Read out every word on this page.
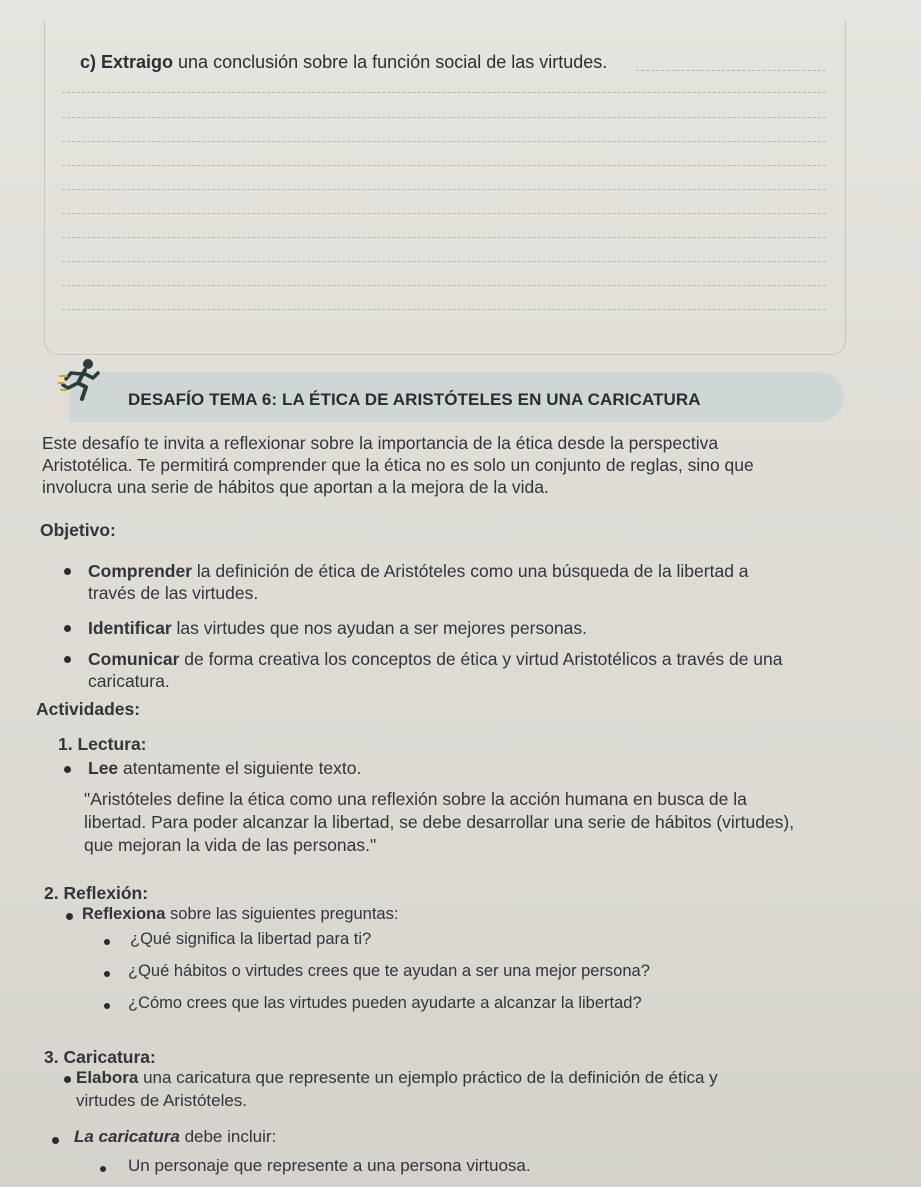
c) Extraigo una conclusión sobre la función social de las virtudes.
DESAFÍO TEMA 6: LA ÉTICA DE ARISTÓTELES EN UNA CARICATURA
Este desafío te invita a reflexionar sobre la importancia de la ética desde la perspectiva
Aristotélica. Te permitirá comprender que la ética no es solo un conjunto de reglas, sino que
involucra una serie de hábitos que aportan a la mejora de la vida.
Objetivo:
Comprender la definición de ética de Aristóteles como una búsqueda de la libertad a
través de las virtudes.
Identificar las virtudes que nos ayudan a ser mejores personas.
Comunicar de forma creativa los conceptos de ética y virtud Aristotélicos a través de una
caricatura.
Actividades:
1. Lectura:
Lee atentamente el siguiente texto.
"Aristóteles define la ética como una reflexión sobre la acción humana en busca de la
libertad. Para poder alcanzar la libertad, se debe desarrollar una serie de hábitos (virtudes),
que mejoran la vida de las personas."
2. Reflexión:
Reflexiona sobre las siguientes preguntas:
¿Qué significa la libertad para ti?
¿Qué hábitos o virtudes crees que te ayudan a ser una mejor persona?
¿Cómo crees que las virtudes pueden ayudarte a alcanzar la libertad?
3. Caricatura:
Elabora una caricatura que represente un ejemplo práctico de la definición de ética y
virtudes de Aristóteles.
La caricatura debe incluir:
Un personaje que represente a una persona virtuosa.
